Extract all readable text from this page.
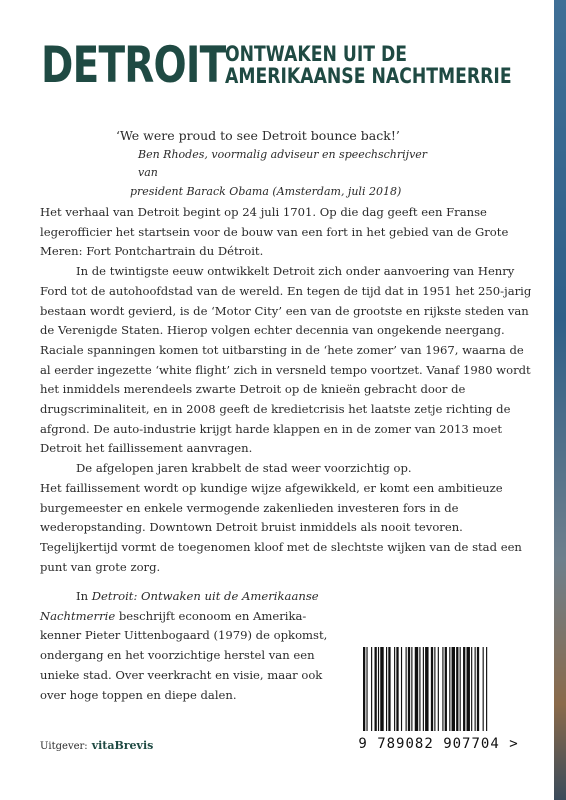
DETROIT ONTWAKEN UIT DE
AMERIKAANSE NACHTMERRIE
‘We were proud to see Detroit bounce back!’
Ben Rhodes, voormalig adviseur en speechschrijver van
president Barack Obama (Amsterdam, juli 2018)

Het verhaal van Detroit begint op 24 juli 1701. Op die dag geeft een Franse legerofficier het startsein voor de bouw van een fort in het gebied van de Grote Meren: Fort Pontchartrain du Détroit.

In de twintigste eeuw ontwikkelt Detroit zich onder aanvoering van Henry Ford tot de autohoofdstad van de wereld. En tegen de tijd dat in 1951 het 250-jarig bestaan wordt gevierd, is de ‘Motor City’ een van de grootste en rijkste steden van de Verenigde Staten. Hierop volgen echter decennia van ongekende neergang. Raciale spanningen komen tot uitbarsting in de ‘hete zomer’ van 1967, waarna de al eerder ingezette ‘white flight’ zich in versneld tempo voortzet. Vanaf 1980 wordt het inmiddels merendeels zwarte Detroit op de knieën gebracht door de drugscriminaliteit, en in 2008 geeft de kredietcrisis het laatste zetje richting de afgrond. De auto-industrie krijgt harde klappen en in de zomer van 2013 moet Detroit het faillissement aanvragen.

De afgelopen jaren krabbelt de stad weer voorzichtig op.

Het faillissement wordt op kundige wijze afgewikkeld, er komt een ambitieuze burgemeester en enkele vermogende zakenlieden investeren fors in de wederopstanding. Downtown Detroit bruist inmiddels als nooit tevoren. Tegelijkertijd vormt de toegenomen kloof met de slechtste wijken van de stad een punt van grote zorg.

In Detroit: Ontwaken uit de Amerikaanse Nachtmerrie beschrijft econoom en Amerika-kenner Pieter Uittenbogaard (1979) de opkomst, ondergang en het voorzichtige herstel van een unieke stad. Over veerkracht en visie, maar ook over hoge toppen en diepe dalen.

Uitgever: vitaBrevis	9 789082 907704 >
